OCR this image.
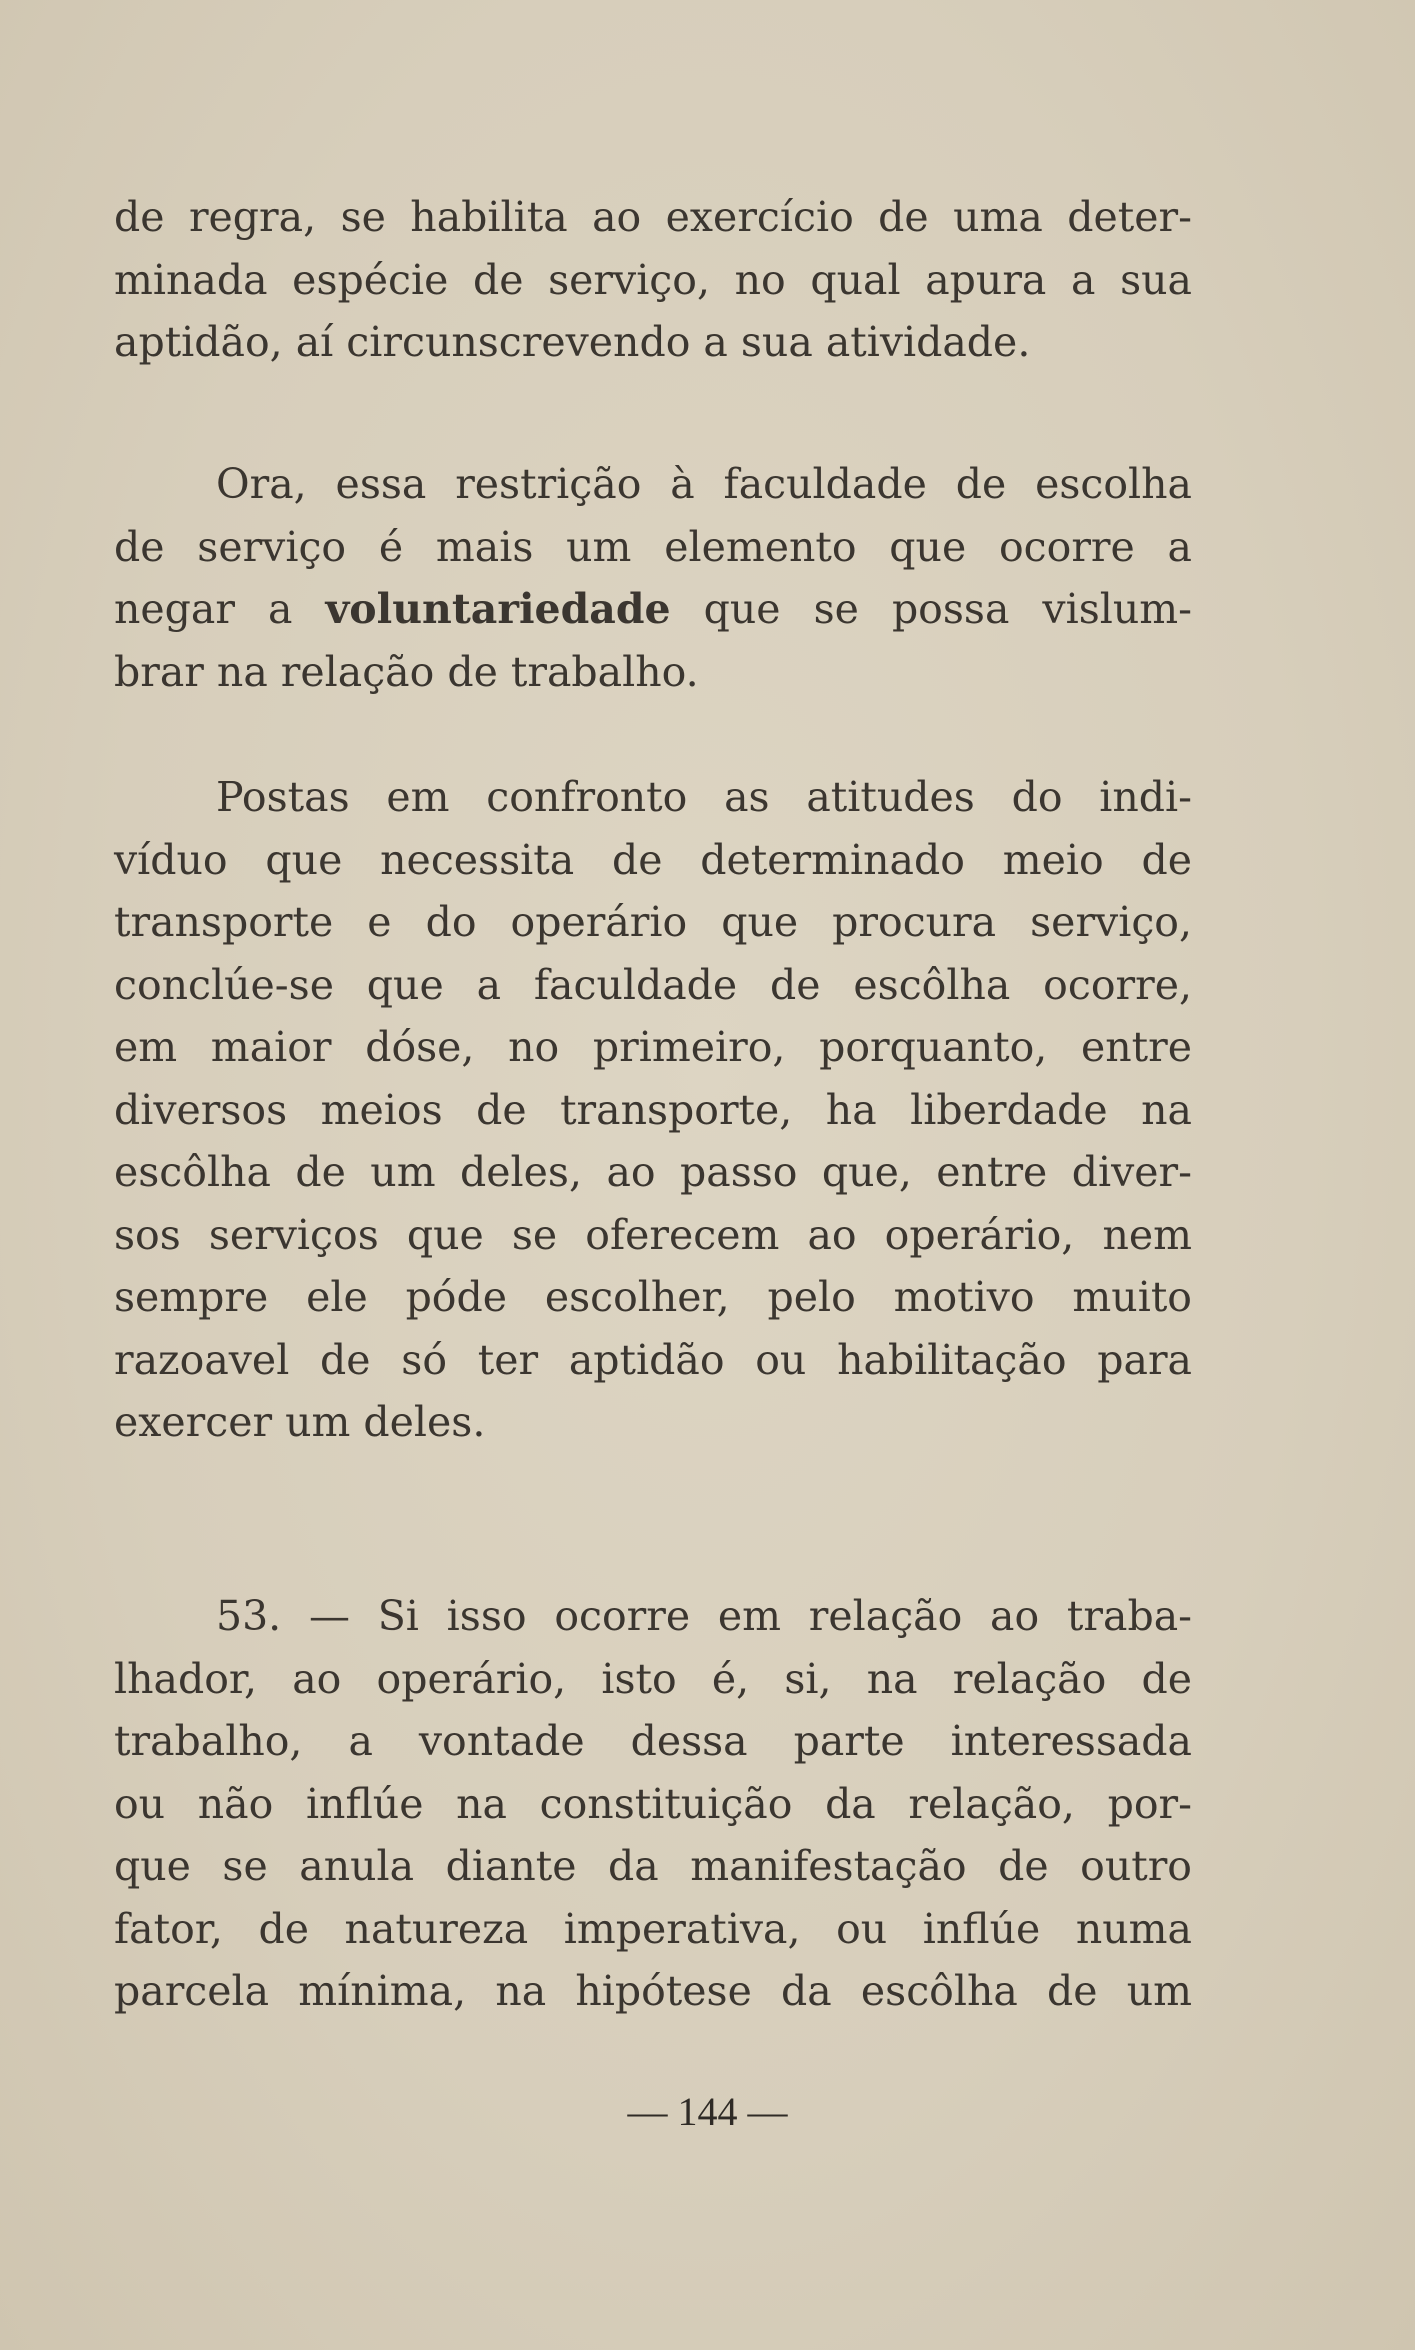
de regra, se habilita ao exercício de uma deter-
minada espécie de serviço, no qual apura a sua
aptidão, aí circunscrevendo a sua atividade.
Ora, essa restrição à faculdade de escolha
de serviço é mais um elemento que ocorre a
negar a voluntariedade que se possa vislum-
brar na relação de trabalho.
Postas em confronto as atitudes do indi-
víduo que necessita de determinado meio de
transporte e do operário que procura serviço,
conclúe-se que a faculdade de escôlha ocorre,
em maior dóse, no primeiro, porquanto, entre
diversos meios de transporte, ha liberdade na
escôlha de um deles, ao passo que, entre diver-
sos serviços que se oferecem ao operário, nem
sempre ele póde escolher, pelo motivo muito
razoavel de só ter aptidão ou habilitação para
exercer um deles.
53. — Si isso ocorre em relação ao traba-
lhador, ao operário, isto é, si, na relação de
trabalho, a vontade dessa parte interessada
ou não inflúe na constituição da relação, por-
que se anula diante da manifestação de outro
fator, de natureza imperativa, ou inflúe numa
parcela mínima, na hipótese da escôlha de um
— 144 —
